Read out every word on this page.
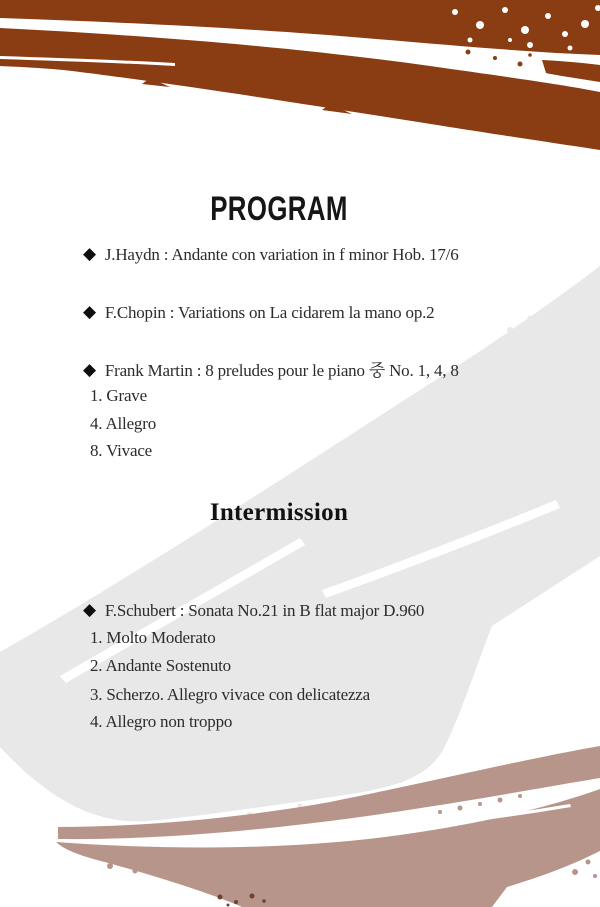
PROGRAM
◆ J.Haydn : Andante con variation in f minor Hob. 17/6
◆ F.Chopin : Variations on La cidarem la mano op.2
◆ Frank Martin : 8 preludes pour le piano 중 No. 1, 4, 8
1. Grave
4. Allegro
8. Vivace
Intermission
◆ F.Schubert : Sonata No.21 in B flat major D.960
1. Molto Moderato
2. Andante Sostenuto
3. Scherzo. Allegro vivace con delicatezza
4. Allegro non troppo
